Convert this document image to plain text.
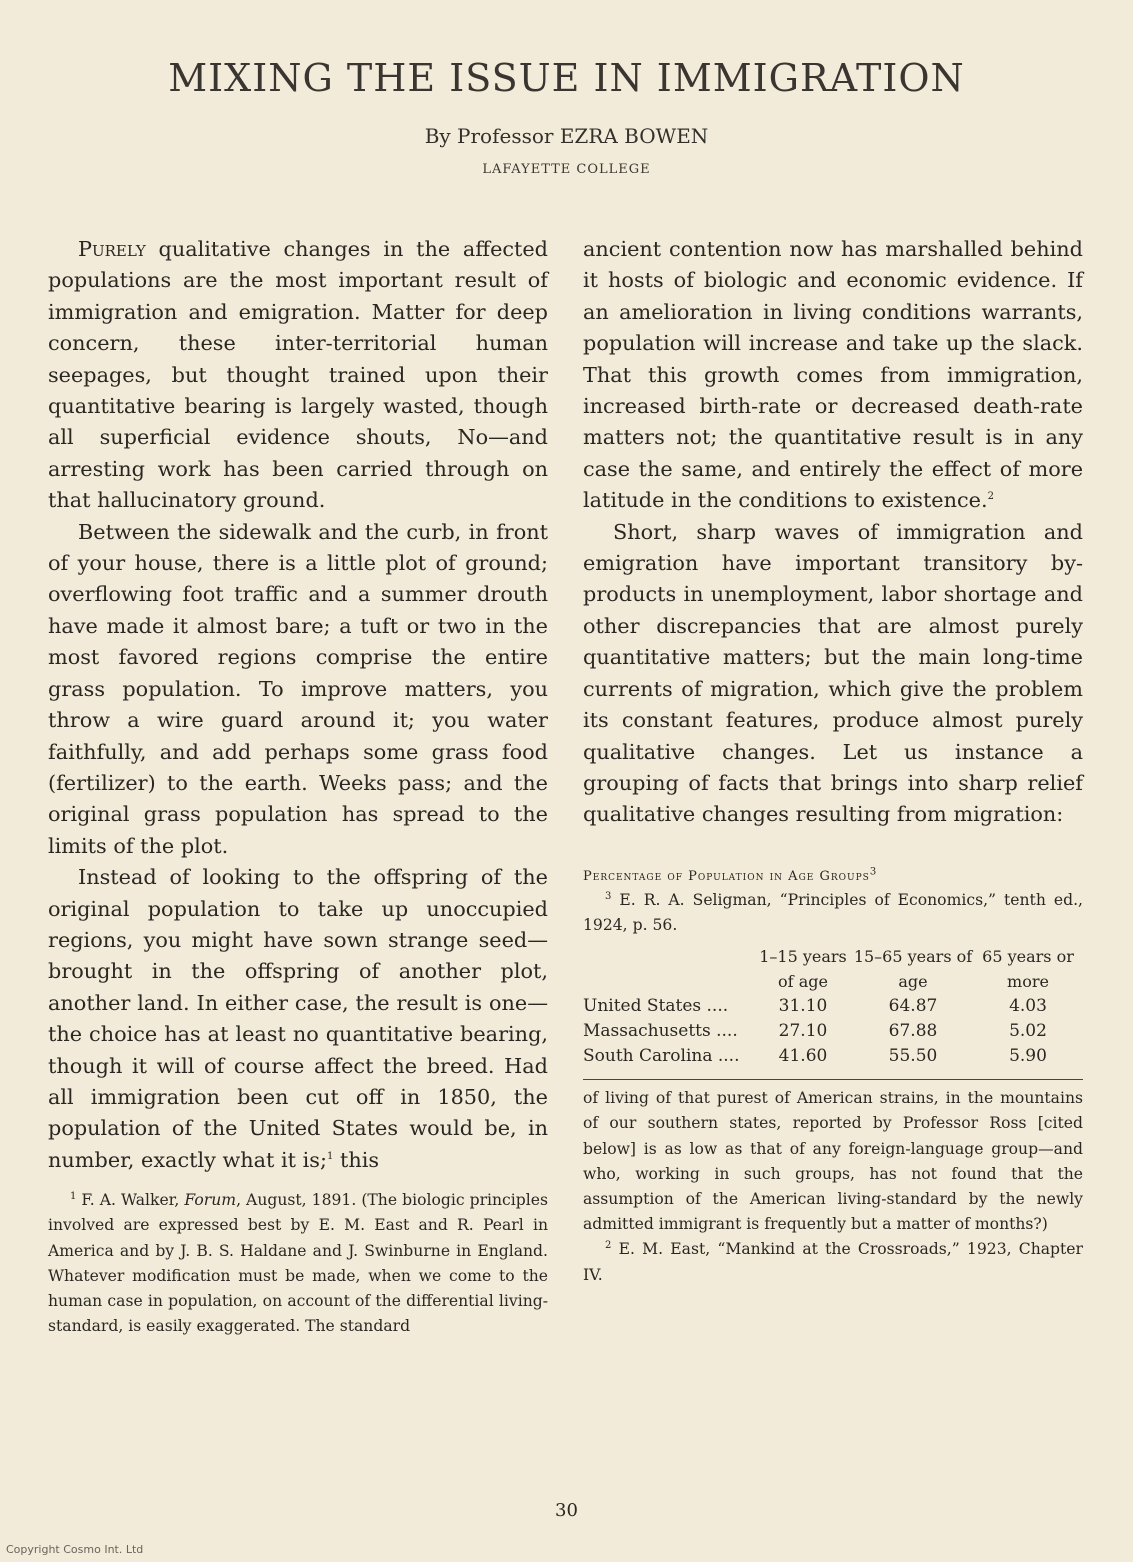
MIXING THE ISSUE IN IMMIGRATION
By Professor EZRA BOWEN
LAFAYETTE COLLEGE

Purely qualitative changes in the affected populations are the most important result of immigration and emigration. Matter for deep concern, these inter-territorial human seepages, but thought trained upon their quantitative bearing is largely wasted, though all superficial evidence shouts, No—and arresting work has been carried through on that hallucinatory ground.

Between the sidewalk and the curb, in front of your house, there is a little plot of ground; overflowing foot traffic and a summer drouth have made it almost bare; a tuft or two in the most favored regions comprise the entire grass population. To improve matters, you throw a wire guard around it; you water faithfully, and add perhaps some grass food (fertilizer) to the earth. Weeks pass; and the original grass population has spread to the limits of the plot.

Instead of looking to the offspring of the original population to take up unoccupied regions, you might have sown strange seed—brought in the offspring of another plot, another land. In either case, the result is one—the choice has at least no quantitative bearing, though it will of course affect the breed. Had all immigration been cut off in 1850, the population of the United States would be, in number, exactly what it is;$^1$ this

$^1$ F. A. Walker, Forum, August, 1891. (The biologic principles involved are expressed best by E. M. East and R. Pearl in America and by J. B. S. Haldane and J. Swinburne in England. Whatever modification must be made, when we come to the human case in population, on account of the differential living-standard, is easily exaggerated. The standard

ancient contention now has marshalled behind it hosts of biologic and economic evidence. If an amelioration in living conditions warrants, population will increase and take up the slack. That this growth comes from immigration, increased birth-rate or decreased death-rate matters not; the quantitative result is in any case the same, and entirely the effect of more latitude in the conditions to existence.$^2$

Short, sharp waves of immigration and emigration have important transitory by-products in unemployment, labor shortage and other discrepancies that are almost purely quantitative matters; but the main long-time currents of migration, which give the problem its constant features, produce almost purely qualitative changes. Let us instance a grouping of facts that brings into sharp relief qualitative changes resulting from migration:

Percentage of Population in Age Groups$^3$

$^3$ E. R. A. Seligman, “Principles of Economics,” tenth ed., 1924, p. 56.

	1–15 years of age	15–65 years of age	65 years or more
United States ....	31.10	64.87	4.03
Massachusetts ....	27.10	67.88	5.02
South Carolina ....	41.60	55.50	5.90

of living of that purest of American strains, in the mountains of our southern states, reported by Professor Ross [cited below] is as low as that of any foreign-language group—and who, working in such groups, has not found that the assumption of the American living-standard by the newly admitted immigrant is frequently but a matter of months?)

$^2$ E. M. East, “Mankind at the Crossroads,” 1923, Chapter IV.

30
Copyright Cosmo Int. Ltd
